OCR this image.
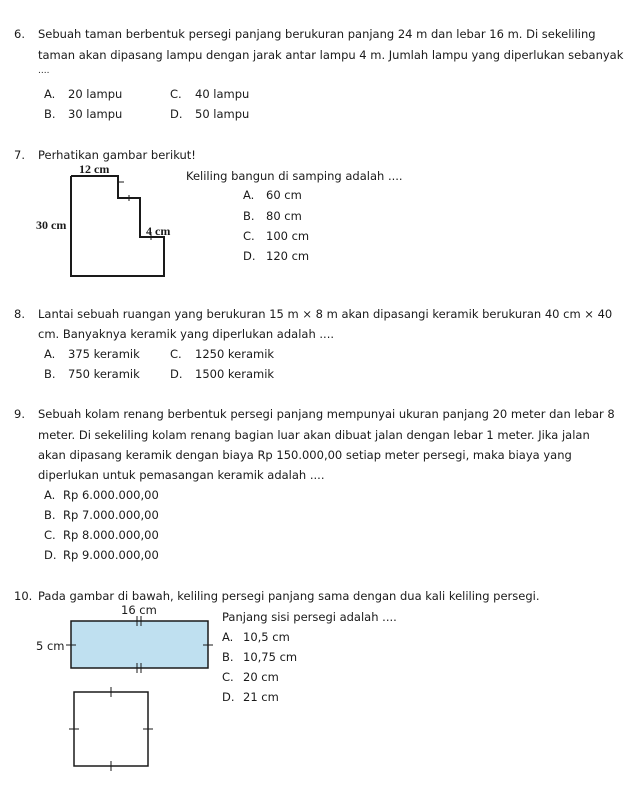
6. Sebuah taman berbentuk persegi panjang berukuran panjang 24 m dan lebar 16 m. Di sekeliling
taman akan dipasang lampu dengan jarak antar lampu 4 m. Jumlah lampu yang diperlukan sebanyak
....
A. 20 lampu
B. 30 lampu
C. 40 lampu
D. 50 lampu
7. Perhatikan gambar berikut!
12 cm
30 cm	4 cm
Keliling bangun di samping adalah ....
A. 60 cm
B. 80 cm
C. 100 cm
D. 120 cm
8. Lantai sebuah ruangan yang berukuran 15 m × 8 m akan dipasangi keramik berukuran 40 cm × 40
cm. Banyaknya keramik yang diperlukan adalah ....
A. 375 keramik
B. 750 keramik
C. 1250 keramik
D. 1500 keramik
9. Sebuah kolam renang berbentuk persegi panjang mempunyai ukuran panjang 20 meter dan lebar 8
meter. Di sekeliling kolam renang bagian luar akan dibuat jalan dengan lebar 1 meter. Jika jalan
akan dipasang keramik dengan biaya Rp 150.000,00 setiap meter persegi, maka biaya yang
diperlukan untuk pemasangan keramik adalah ....
A. Rp 6.000.000,00
B. Rp 7.000.000,00
C. Rp 8.000.000,00
D. Rp 9.000.000,00
10. Pada gambar di bawah, keliling persegi panjang sama dengan dua kali keliling persegi.
16 cm
5 cm
Panjang sisi persegi adalah ....
A. 10,5 cm
B. 10,75 cm
C. 20 cm
D. 21 cm
